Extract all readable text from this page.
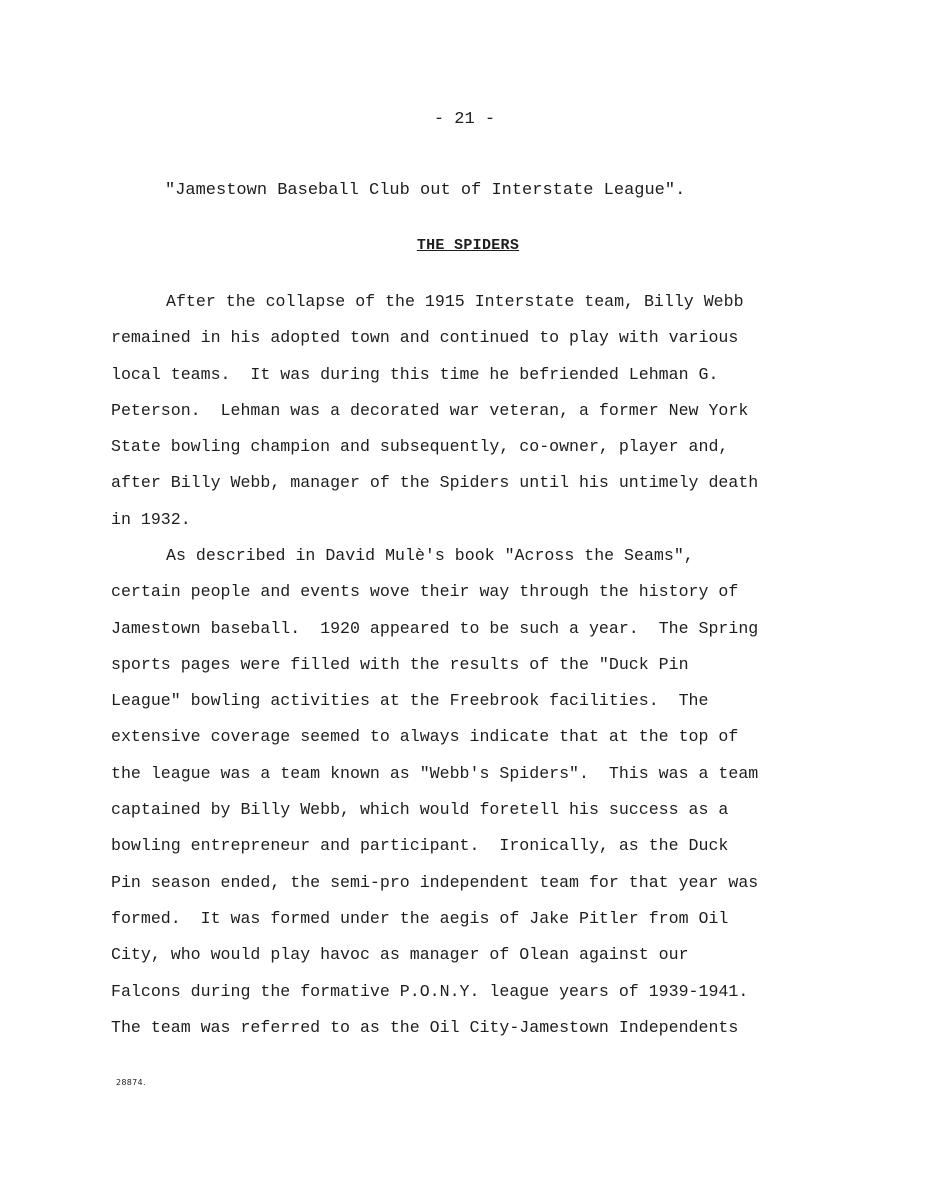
- 21 -
"Jamestown Baseball Club out of Interstate League".
THE SPIDERS
After the collapse of the 1915 Interstate team, Billy Webb
remained in his adopted town and continued to play with various
local teams.  It was during this time he befriended Lehman G.
Peterson.  Lehman was a decorated war veteran, a former New York
State bowling champion and subsequently, co-owner, player and,
after Billy Webb, manager of the Spiders until his untimely death
in 1932.
As described in David Mulè's book "Across the Seams",
certain people and events wove their way through the history of
Jamestown baseball.  1920 appeared to be such a year.  The Spring
sports pages were filled with the results of the "Duck Pin
League" bowling activities at the Freebrook facilities.  The
extensive coverage seemed to always indicate that at the top of
the league was a team known as "Webb's Spiders".  This was a team
captained by Billy Webb, which would foretell his success as a
bowling entrepreneur and participant.  Ironically, as the Duck
Pin season ended, the semi-pro independent team for that year was
formed.  It was formed under the aegis of Jake Pitler from Oil
City, who would play havoc as manager of Olean against our
Falcons during the formative P.O.N.Y. league years of 1939-1941.
The team was referred to as the Oil City-Jamestown Independents
28874.
